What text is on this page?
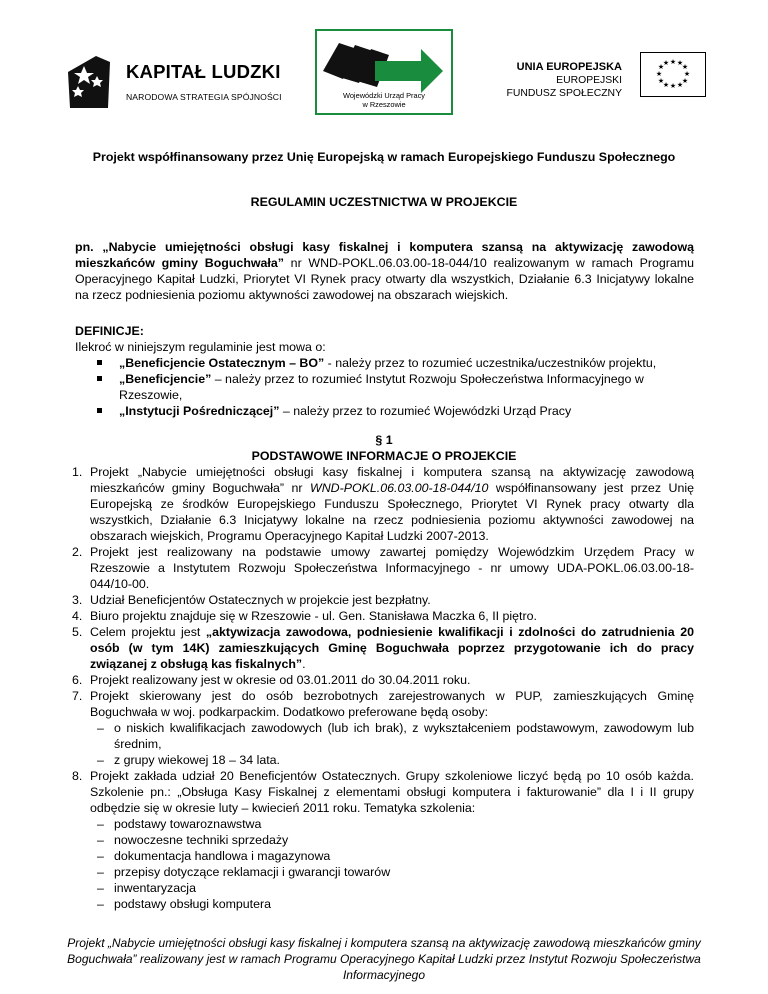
KAPITAŁ LUDZKI
NARODOWA STRATEGIA SPÓJNOŚCI	Wojewódzki Urząd Pracy
w Rzeszowie
UNIA EUROPEJSKA
EUROPEJSKI
FUNDUSZ SPOŁECZNY
★ ★
★
★
★
★
★
★
★
★
★
★
Projekt współfinansowany przez Unię Europejską w ramach Europejskiego Funduszu Społecznego
REGULAMIN UCZESTNICTWA W PROJEKCIE
pn. „Nabycie umiejętności obsługi kasy fiskalnej i komputera szansą na aktywizację zawodową
mieszkańców gminy Boguchwała” nr WND-POKL.06.03.00-18-044/10 realizowanym w ramach Programu
Operacyjnego Kapitał Ludzki, Priorytet VI Rynek pracy otwarty dla wszystkich, Działanie 6.3 Inicjatywy lokalne
na rzecz podniesienia poziomu aktywności zawodowej na obszarach wiejskich.
DEFINICJE:
Ilekroć w niniejszym regulaminie jest mowa o:
„Beneficjencie Ostatecznym – BO” - należy przez to rozumieć uczestnika/uczestników projektu,
„Beneficjencie” – należy przez to rozumieć Instytut Rozwoju Społeczeństwa Informacyjnego w
Rzeszowie,
„Instytucji Pośredniczącej” – należy przez to rozumieć Wojewódzki Urząd Pracy
§ 1
PODSTAWOWE INFORMACJE O PROJEKCIE
1. Projekt „Nabycie umiejętności obsługi kasy fiskalnej i komputera szansą na aktywizację zawodową
mieszkańców gminy Boguchwała” nr WND-POKL.06.03.00-18-044/10 współfinansowany jest przez Unię
Europejską ze środków Europejskiego Funduszu Społecznego, Priorytet VI Rynek pracy otwarty dla
wszystkich, Działanie 6.3 Inicjatywy lokalne na rzecz podniesienia poziomu aktywności zawodowej na
obszarach wiejskich, Programu Operacyjnego Kapitał Ludzki 2007-2013.
2. Projekt jest realizowany na podstawie umowy zawartej pomiędzy Wojewódzkim Urzędem Pracy w
Rzeszowie a Instytutem Rozwoju Społeczeństwa Informacyjnego - nr umowy UDA-POKL.06.03.00-18-
044/10-00.
3. Udział Beneficjentów Ostatecznych w projekcie jest bezpłatny.
4. Biuro projektu znajduje się w Rzeszowie - ul. Gen. Stanisława Maczka 6, II piętro.
5. Celem projektu jest „aktywizacja zawodowa, podniesienie kwalifikacji i zdolności do zatrudnienia 20
osób (w tym 14K) zamieszkujących Gminę Boguchwała poprzez przygotowanie ich do pracy
związanej z obsługą kas fiskalnych”.
6. Projekt realizowany jest w okresie od 03.01.2011 do 30.04.2011 roku.
7. Projekt skierowany jest do osób bezrobotnych zarejestrowanych w PUP, zamieszkujących Gminę
Boguchwała w woj. podkarpackim. Dodatkowo preferowane będą osoby:
– o niskich kwalifikacjach zawodowych (lub ich brak), z wykształceniem podstawowym, zawodowym lub
średnim,
– z grupy wiekowej 18 – 34 lata.
8. Projekt zakłada udział 20 Beneficjentów Ostatecznych. Grupy szkoleniowe liczyć będą po 10 osób każda.
Szkolenie pn.: „Obsługa Kasy Fiskalnej z elementami obsługi komputera i fakturowanie” dla I i II grupy
odbędzie się w okresie luty – kwiecień 2011 roku. Tematyka szkolenia:
– podstawy towaroznawstwa
– nowoczesne techniki sprzedaży
– dokumentacja handlowa i magazynowa
– przepisy dotyczące reklamacji i gwarancji towarów
– inwentaryzacja
– podstawy obsługi komputera
Projekt „Nabycie umiejętności obsługi kasy fiskalnej i komputera szansą na aktywizację zawodową mieszkańców gminy
Boguchwała” realizowany jest w ramach Programu Operacyjnego Kapitał Ludzki przez Instytut Rozwoju Społeczeństwa
Informacyjnego
